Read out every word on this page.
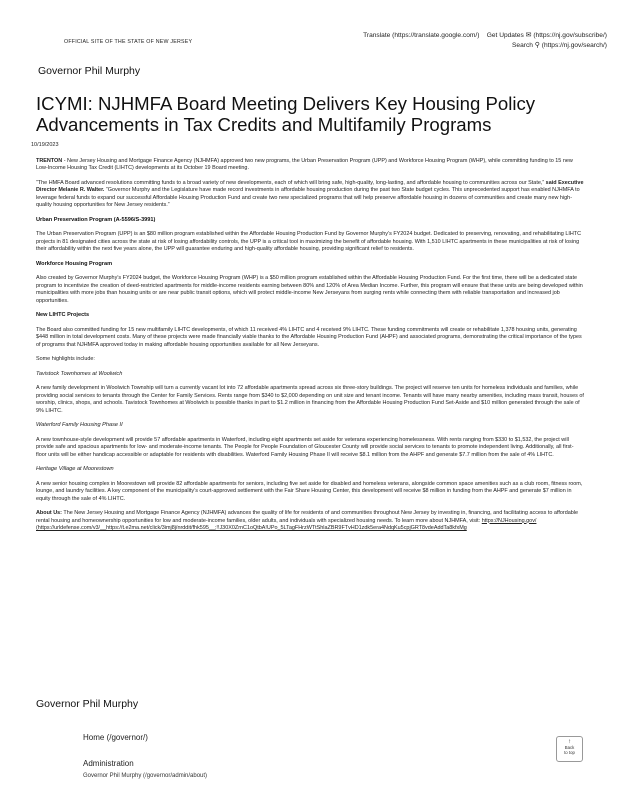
OFFICIAL SITE OF THE STATE OF NEW JERSEY
Translate (https://translate.google.com/) Get Updates ✉ (https://nj.gov/subscribe/)
Search ⚲ (https://nj.gov/search/)
Governor Phil Murphy
ICYMI: NJHMFA Board Meeting Delivers Key Housing Policy Advancements in Tax Credits and Multifamily Programs
10/19/2023

TRENTON - New Jersey Housing and Mortgage Finance Agency (NJHMFA) approved two new programs, the Urban Preservation Program (UPP) and Workforce Housing Program (WHP), while committing funding to 15 new Low-Income Housing Tax Credit (LIHTC) developments at its October 19 Board meeting.

“The HMFA Board advanced resolutions committing funds to a broad variety of new developments, each of which will bring safe, high-quality, long-lasting, and affordable housing to communities across our State,” said Executive Director Melanie R. Walter. “Governor Murphy and the Legislature have made record investments in affordable housing production during the past two State budget cycles. This unprecedented support has enabled NJHMFA to leverage federal funds to expand our successful Affordable Housing Production Fund and create two new specialized programs that will help preserve affordable housing in dozens of communities and create many new high-quality housing opportunities for New Jersey residents.”

Urban Preservation Program (A-5596/S-3991)

The Urban Preservation Program (UPP) is an $80 million program established within the Affordable Housing Production Fund by Governor Murphy’s FY2024 budget. Dedicated to preserving, renovating, and rehabilitating LIHTC projects in 81 designated cities across the state at risk of losing affordability controls, the UPP is a critical tool in maximizing the benefit of affordable housing. With 1,510 LIHTC apartments in these municipalities at risk of losing their affordability within the next five years alone, the UPP will guarantee enduring and high-quality affordable housing, providing significant relief to residents.

Workforce Housing Program

Also created by Governor Murphy’s FY2024 budget, the Workforce Housing Program (WHP) is a $50 million program established within the Affordable Housing Production Fund. For the first time, there will be a dedicated state program to incentivize the creation of deed-restricted apartments for middle-income residents earning between 80% and 120% of Area Median Income. Further, this program will ensure that these units are being developed within municipalities with more jobs than housing units or are near public transit options, which will protect middle-income New Jerseyans from surging rents while connecting them with reliable transportation and increased job opportunities.

New LIHTC Projects

The Board also committed funding for 15 new multifamily LIHTC developments, of which 11 received 4% LIHTC and 4 received 9% LIHTC. These funding commitments will create or rehabilitate 1,378 housing units, generating $448 million in total development costs. Many of these projects were made financially viable thanks to the Affordable Housing Production Fund (AHPF) and associated programs, demonstrating the critical importance of the types of programs that NJHMFA approved today in making affordable housing opportunities available for all New Jerseyans.

Some highlights include:

Tavistock Townhomes at Woolwich

A new family development in Woolwich Township will turn a currently vacant lot into 72 affordable apartments spread across six three-story buildings. The project will reserve ten units for homeless individuals and families, while providing social services to tenants through the Center for Family Services. Rents range from $340 to $2,000 depending on unit size and tenant income. Tenants will have many nearby amenities, including mass transit, houses of worship, clinics, shops, and schools. Tavistock Townhomes at Woolwich is possible thanks in part to $1.2 million in financing from the Affordable Housing Production Fund Set-Aside and $10 million generated through the sale of 9% LIHTC.

Waterford Family Housing Phase II

A new townhouse-style development will provide 57 affordable apartments in Waterford, including eight apartments set aside for veterans experiencing homelessness. With rents ranging from $330 to $1,532, the project will provide safe and spacious apartments for low- and moderate-income tenants. The People for People Foundation of Gloucester County will provide social services to tenants to promote independent living. Additionally, all first-floor units will be either handicap accessible or adaptable for residents with disabilities. Waterford Family Housing Phase II will receive $8.1 million from the AHPF and generate $7.7 million from the sale of 4% LIHTC.

Heritage Village at Moorestown

A new senior housing complex in Moorestown will provide 82 affordable apartments for seniors, including five set aside for disabled and homeless veterans, alongside common space amenities such as a club room, fitness room, lounge, and laundry facilities. A key component of the municipality’s court-approved settlement with the Fair Share Housing Center, this development will receive $8 million in funding from the AHPF and generate $7 million in equity through the sale of 4% LIHTC.

About Us: The New Jersey Housing and Mortgage Finance Agency (NJHMFA) advances the quality of life for residents of and communities throughout New Jersey by investing in, financing, and facilitating access to affordable rental housing and homeownership opportunities for low and moderate-income families, older adults, and individuals with specialized housing needs. To learn more about NJHMFA, visit: https://NJHousing.gov/
(https://urldefense.com/v3/__https://t.e2ma.net/click/3imj8j/nrddit/fhk595__;!!J30X0ZrnC1oQtbA!UPo_5LTagFHrzWTtShlaZBR9FTvHD1zdk5era4NdqKu5cpjGRT8vdeAddTa8kfxMg

Governor Phil Murphy
Home (/governor/)
Administration
Governor Phil Murphy (/governor/admin/about)
↑
Back
to top
